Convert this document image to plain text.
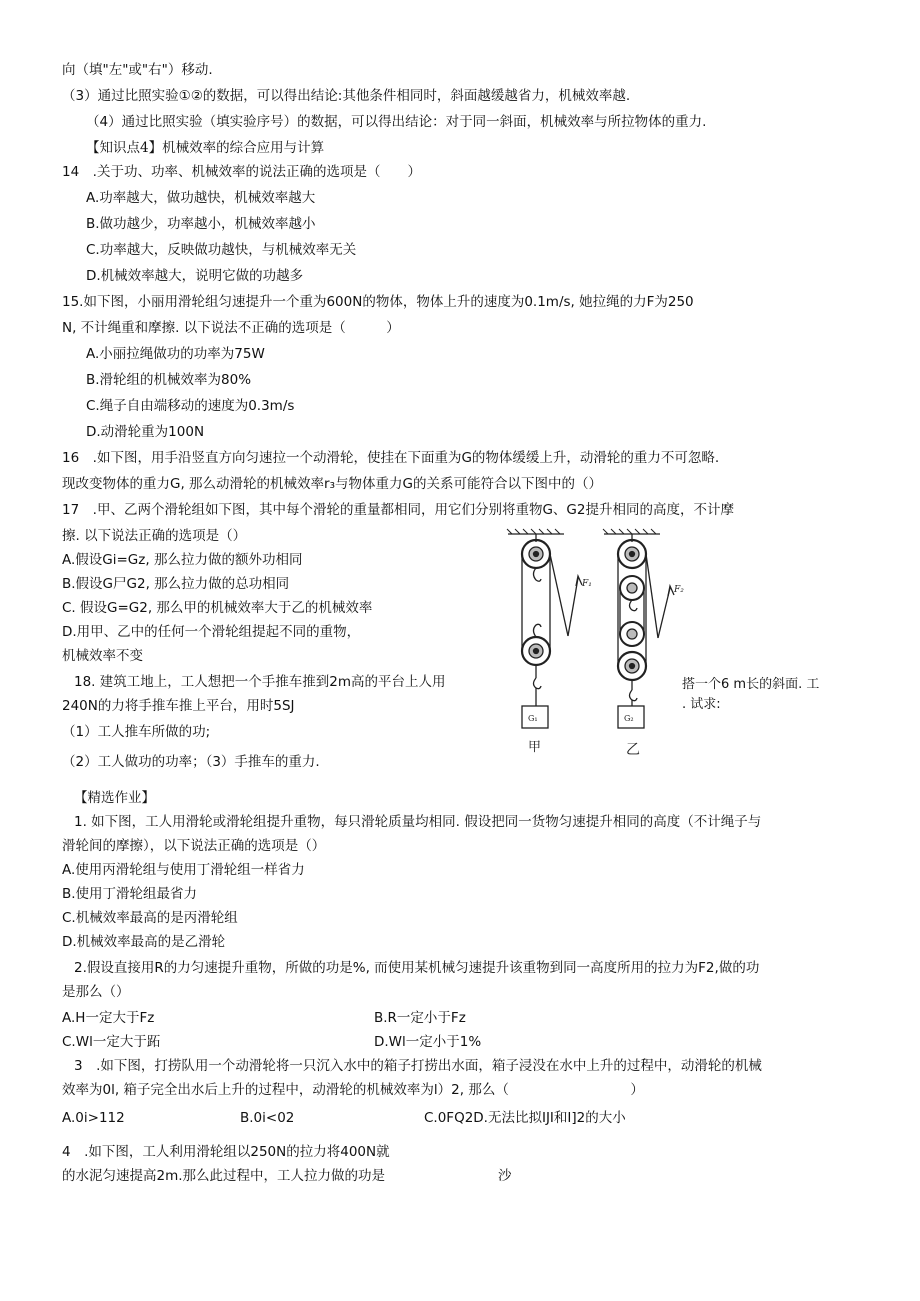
向（填"左"或"右"）移动.
（3）通过比照实验①②的数据，可以得出结论:其他条件相同时，斜面越缓越省力，机械效率越.
（4）通过比照实验（填实验序号）的数据，可以得出结论：对于同一斜面，机械效率与所拉物体的重力.
【知识点4】机械效率的综合应用与计算
14　.关于功、功率、机械效率的说法正确的选项是（　　）
A.功率越大，做功越快，机械效率越大
B.做功越少，功率越小，机械效率越小
C.功率越大，反映做功越快，与机械效率无关
D.机械效率越大，说明它做的功越多
15.如下图，小丽用滑轮组匀速提升一个重为600N的物体，物体上升的速度为0.1m/s, 她拉绳的力F为250
N, 不计绳重和摩擦. 以下说法不正确的选项是（　　　）
A.小丽拉绳做功的功率为75W
B.滑轮组的机械效率为80%
C.绳子自由端移动的速度为0.3m/s
D.动滑轮重为100N
16　.如下图，用手沿竖直方向匀速拉一个动滑轮，使挂在下面重为G的物体缓缓上升，动滑轮的重力不可忽略.
现改变物体的重力G, 那么动滑轮的机械效率r₃与物体重力G的关系可能符合以下图中的（）
17　.甲、乙两个滑轮组如下图，其中每个滑轮的重量都相同，用它们分别将重物G、G2提升相同的高度，不计摩
擦. 以下说法正确的选项是（）
A.假设Gi=Gz, 那么拉力做的额外功相同
B.假设G尸G2, 那么拉力做的总功相同
C. 假设G=G2, 那么甲的机械效率大于乙的机械效率
D.用甲、乙中的任何一个滑轮组提起不同的重物，
机械效率不变
18. 建筑工地上，工人想把一个手推车推到2m高的平台上人用
240N的力将手推车推上平台，用时5SJ
（1）工人推车所做的功;
（2）工人做功的功率；（3）手推车的重力.
【精选作业】
1. 如下图，工人用滑轮或滑轮组提升重物，每只滑轮质量均相同. 假设把同一货物匀速提升相同的高度（不计绳子与
滑轮间的摩擦），以下说法正确的选项是（）
A.使用丙滑轮组与使用丁滑轮组一样省力
B.使用丁滑轮组最省力
C.机械效率最高的是丙滑轮组
D.机械效率最高的是乙滑轮
2.假设直接用R的力匀速提升重物，所做的功是%, 而使用某机械匀速提升该重物到同一高度所用的拉力为F2,做的功
是那么（）
A.H一定大于Fz	B.R一定小于Fz
C.Wl一定大于跖	D.Wl一定小于1%
3　.如下图，打捞队用一个动滑轮将一只沉入水中的箱子打捞出水面，箱子浸没在水中上升的过程中，动滑轮的机械
效率为0l, 箱子完全出水后上升的过程中，动滑轮的机械效率为l）2, 那么（　　　　　　　　　）
A.0i>112	B.0i<02	C.0FQ2D.无法比拟IJI和I]2的大小
4　.如下图，工人利用滑轮组以250N的拉力将400N就
的水泥匀速提高2m.那么此过程中，工人拉力做的功是	沙
F₁
F₂
G₁	G₂
甲	乙
搭一个6 m长的斜面. 工
. 试求:
